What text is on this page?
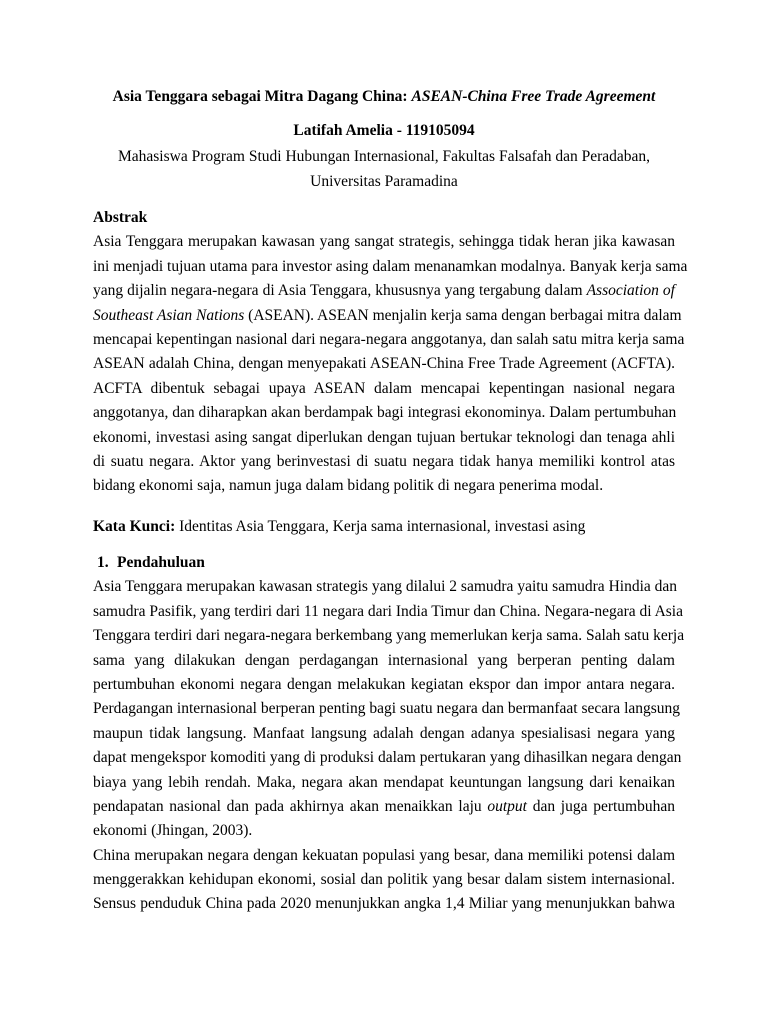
Asia Tenggara sebagai Mitra Dagang China: ASEAN-China Free Trade Agreement
Latifah Amelia - 119105094
Mahasiswa Program Studi Hubungan Internasional, Fakultas Falsafah dan Peradaban,
Universitas Paramadina
Abstrak
Asia Tenggara merupakan kawasan yang sangat strategis, sehingga tidak heran jika kawasan
ini menjadi tujuan utama para investor asing dalam menanamkan modalnya. Banyak kerja sama
yang dijalin negara-negara di Asia Tenggara, khususnya yang tergabung dalam Association of
Southeast Asian Nations (ASEAN). ASEAN menjalin kerja sama dengan berbagai mitra dalam
mencapai kepentingan nasional dari negara-negara anggotanya, dan salah satu mitra kerja sama
ASEAN adalah China, dengan menyepakati ASEAN-China Free Trade Agreement (ACFTA).
ACFTA dibentuk sebagai upaya ASEAN dalam mencapai kepentingan nasional negara
anggotanya, dan diharapkan akan berdampak bagi integrasi ekonominya. Dalam pertumbuhan
ekonomi, investasi asing sangat diperlukan dengan tujuan bertukar teknologi dan tenaga ahli
di suatu negara. Aktor yang berinvestasi di suatu negara tidak hanya memiliki kontrol atas
bidang ekonomi saja, namun juga dalam bidang politik di negara penerima modal.
Kata Kunci: Identitas Asia Tenggara, Kerja sama internasional, investasi asing
1. Pendahuluan
Asia Tenggara merupakan kawasan strategis yang dilalui 2 samudra yaitu samudra Hindia dan
samudra Pasifik, yang terdiri dari 11 negara dari India Timur dan China. Negara-negara di Asia
Tenggara terdiri dari negara-negara berkembang yang memerlukan kerja sama. Salah satu kerja
sama yang dilakukan dengan perdagangan internasional yang berperan penting dalam
pertumbuhan ekonomi negara dengan melakukan kegiatan ekspor dan impor antara negara.
Perdagangan internasional berperan penting bagi suatu negara dan bermanfaat secara langsung
maupun tidak langsung. Manfaat langsung adalah dengan adanya spesialisasi negara yang
dapat mengekspor komoditi yang di produksi dalam pertukaran yang dihasilkan negara dengan
biaya yang lebih rendah. Maka, negara akan mendapat keuntungan langsung dari kenaikan
pendapatan nasional dan pada akhirnya akan menaikkan laju output dan juga pertumbuhan
ekonomi (Jhingan, 2003).
China merupakan negara dengan kekuatan populasi yang besar, dana memiliki potensi dalam
menggerakkan kehidupan ekonomi, sosial dan politik yang besar dalam sistem internasional.
Sensus penduduk China pada 2020 menunjukkan angka 1,4 Miliar yang menunjukkan bahwa
